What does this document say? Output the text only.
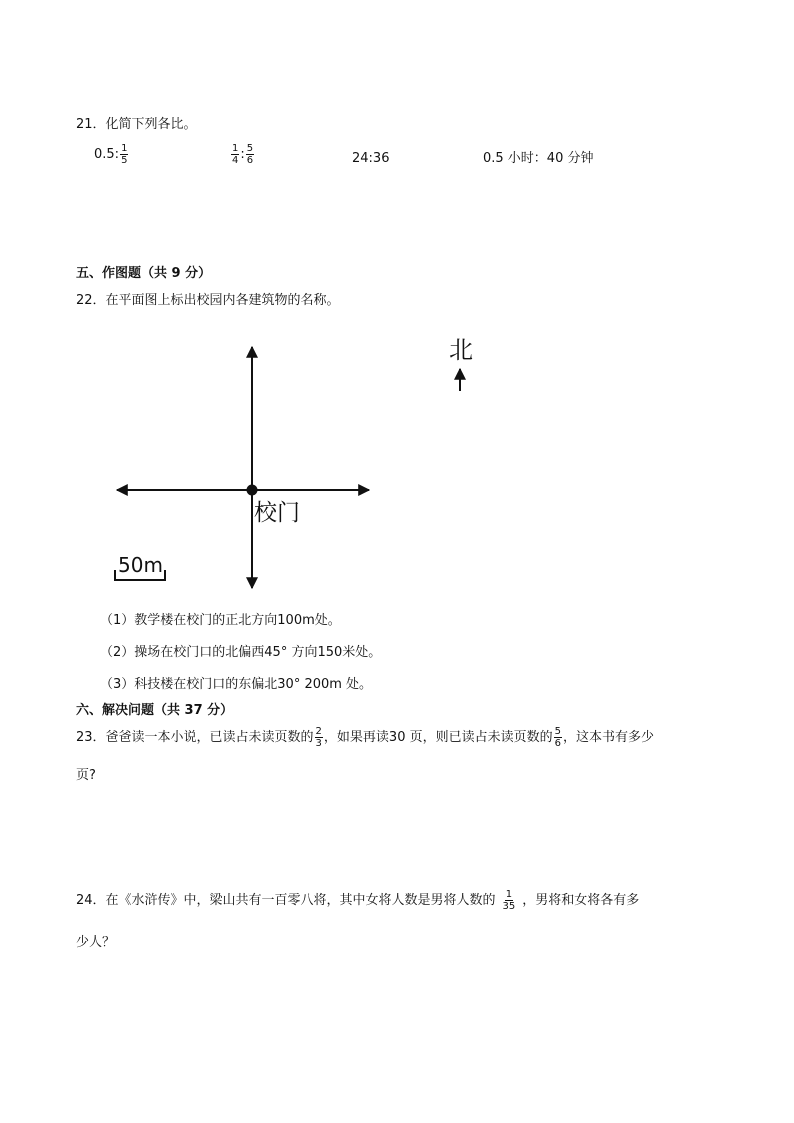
21．化简下列各比。
0.5: $\frac{1}{5}$	$\frac{1}{4}$ : $\frac{5}{6}$	24:36	0.5 小时：40 分钟
五、作图题（共 9 分）
22．在平面图上标出校园内各建筑物的名称。
校门
北
50m
（1）教学楼在校门的正北方向100m处。
（2）操场在校门口的北偏西45° 方向150米处。
（3）科技楼在校门口的东偏北30° 200m 处。
六、解决问题（共 37 分）
23．爸爸读一本小说，已读占未读页数的 $\frac{2}{3}$ ，如果再读30 页，则已读占未读页数的 $\frac{5}{6}$ ，这本书有多少
页?
24．在《水浒传》中，梁山共有一百零八将，其中女将人数是男将人数的 $\frac{1}{35}$ ，男将和女将各有多
少人？
